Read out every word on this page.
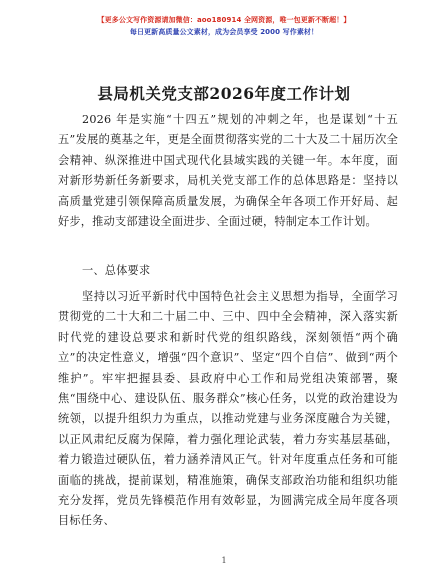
【更多公文写作资源请加微信：aoo180914 全网资源，唯一包更新不断超！】
每日更新高质量公文素材，成为会员享受 2000 写作素材！
县局机关党支部2026年度工作计划
2026 年是实施“十四五”规划的冲刺之年，也是谋划“十五五”发展的奠基之年，更是全面贯彻落实党的二十大及二十届历次全会精神、纵深推进中国式现代化县域实践的关键一年。本年度，面对新形势新任务新要求，局机关党支部工作的总体思路是：坚持以高质量党建引领保障高质量发展，为确保全年各项工作开好局、起好步，推动支部建设全面进步、全面过硬，特制定本工作计划。
一、总体要求
坚持以习近平新时代中国特色社会主义思想为指导，全面学习贯彻党的二十大和二十届二中、三中、四中全会精神，深入落实新时代党的建设总要求和新时代党的组织路线，深刻领悟“两个确立”的决定性意义，增强“四个意识”、坚定“四个自信”、做到“两个维护”。牢牢把握县委、县政府中心工作和局党组决策部署，聚焦“围绕中心、建设队伍、服务群众”核心任务，以党的政治建设为统领，以提升组织力为重点，以推动党建与业务深度融合为关键，以正风肃纪反腐为保障，着力强化理论武装，着力夯实基层基础，着力锻造过硬队伍，着力涵养清风正气。针对年度重点任务和可能面临的挑战，提前谋划，精准施策，确保支部政治功能和组织功能充分发挥，党员先锋模范作用有效彰显，为圆满完成全局年度各项目标任务、
1
